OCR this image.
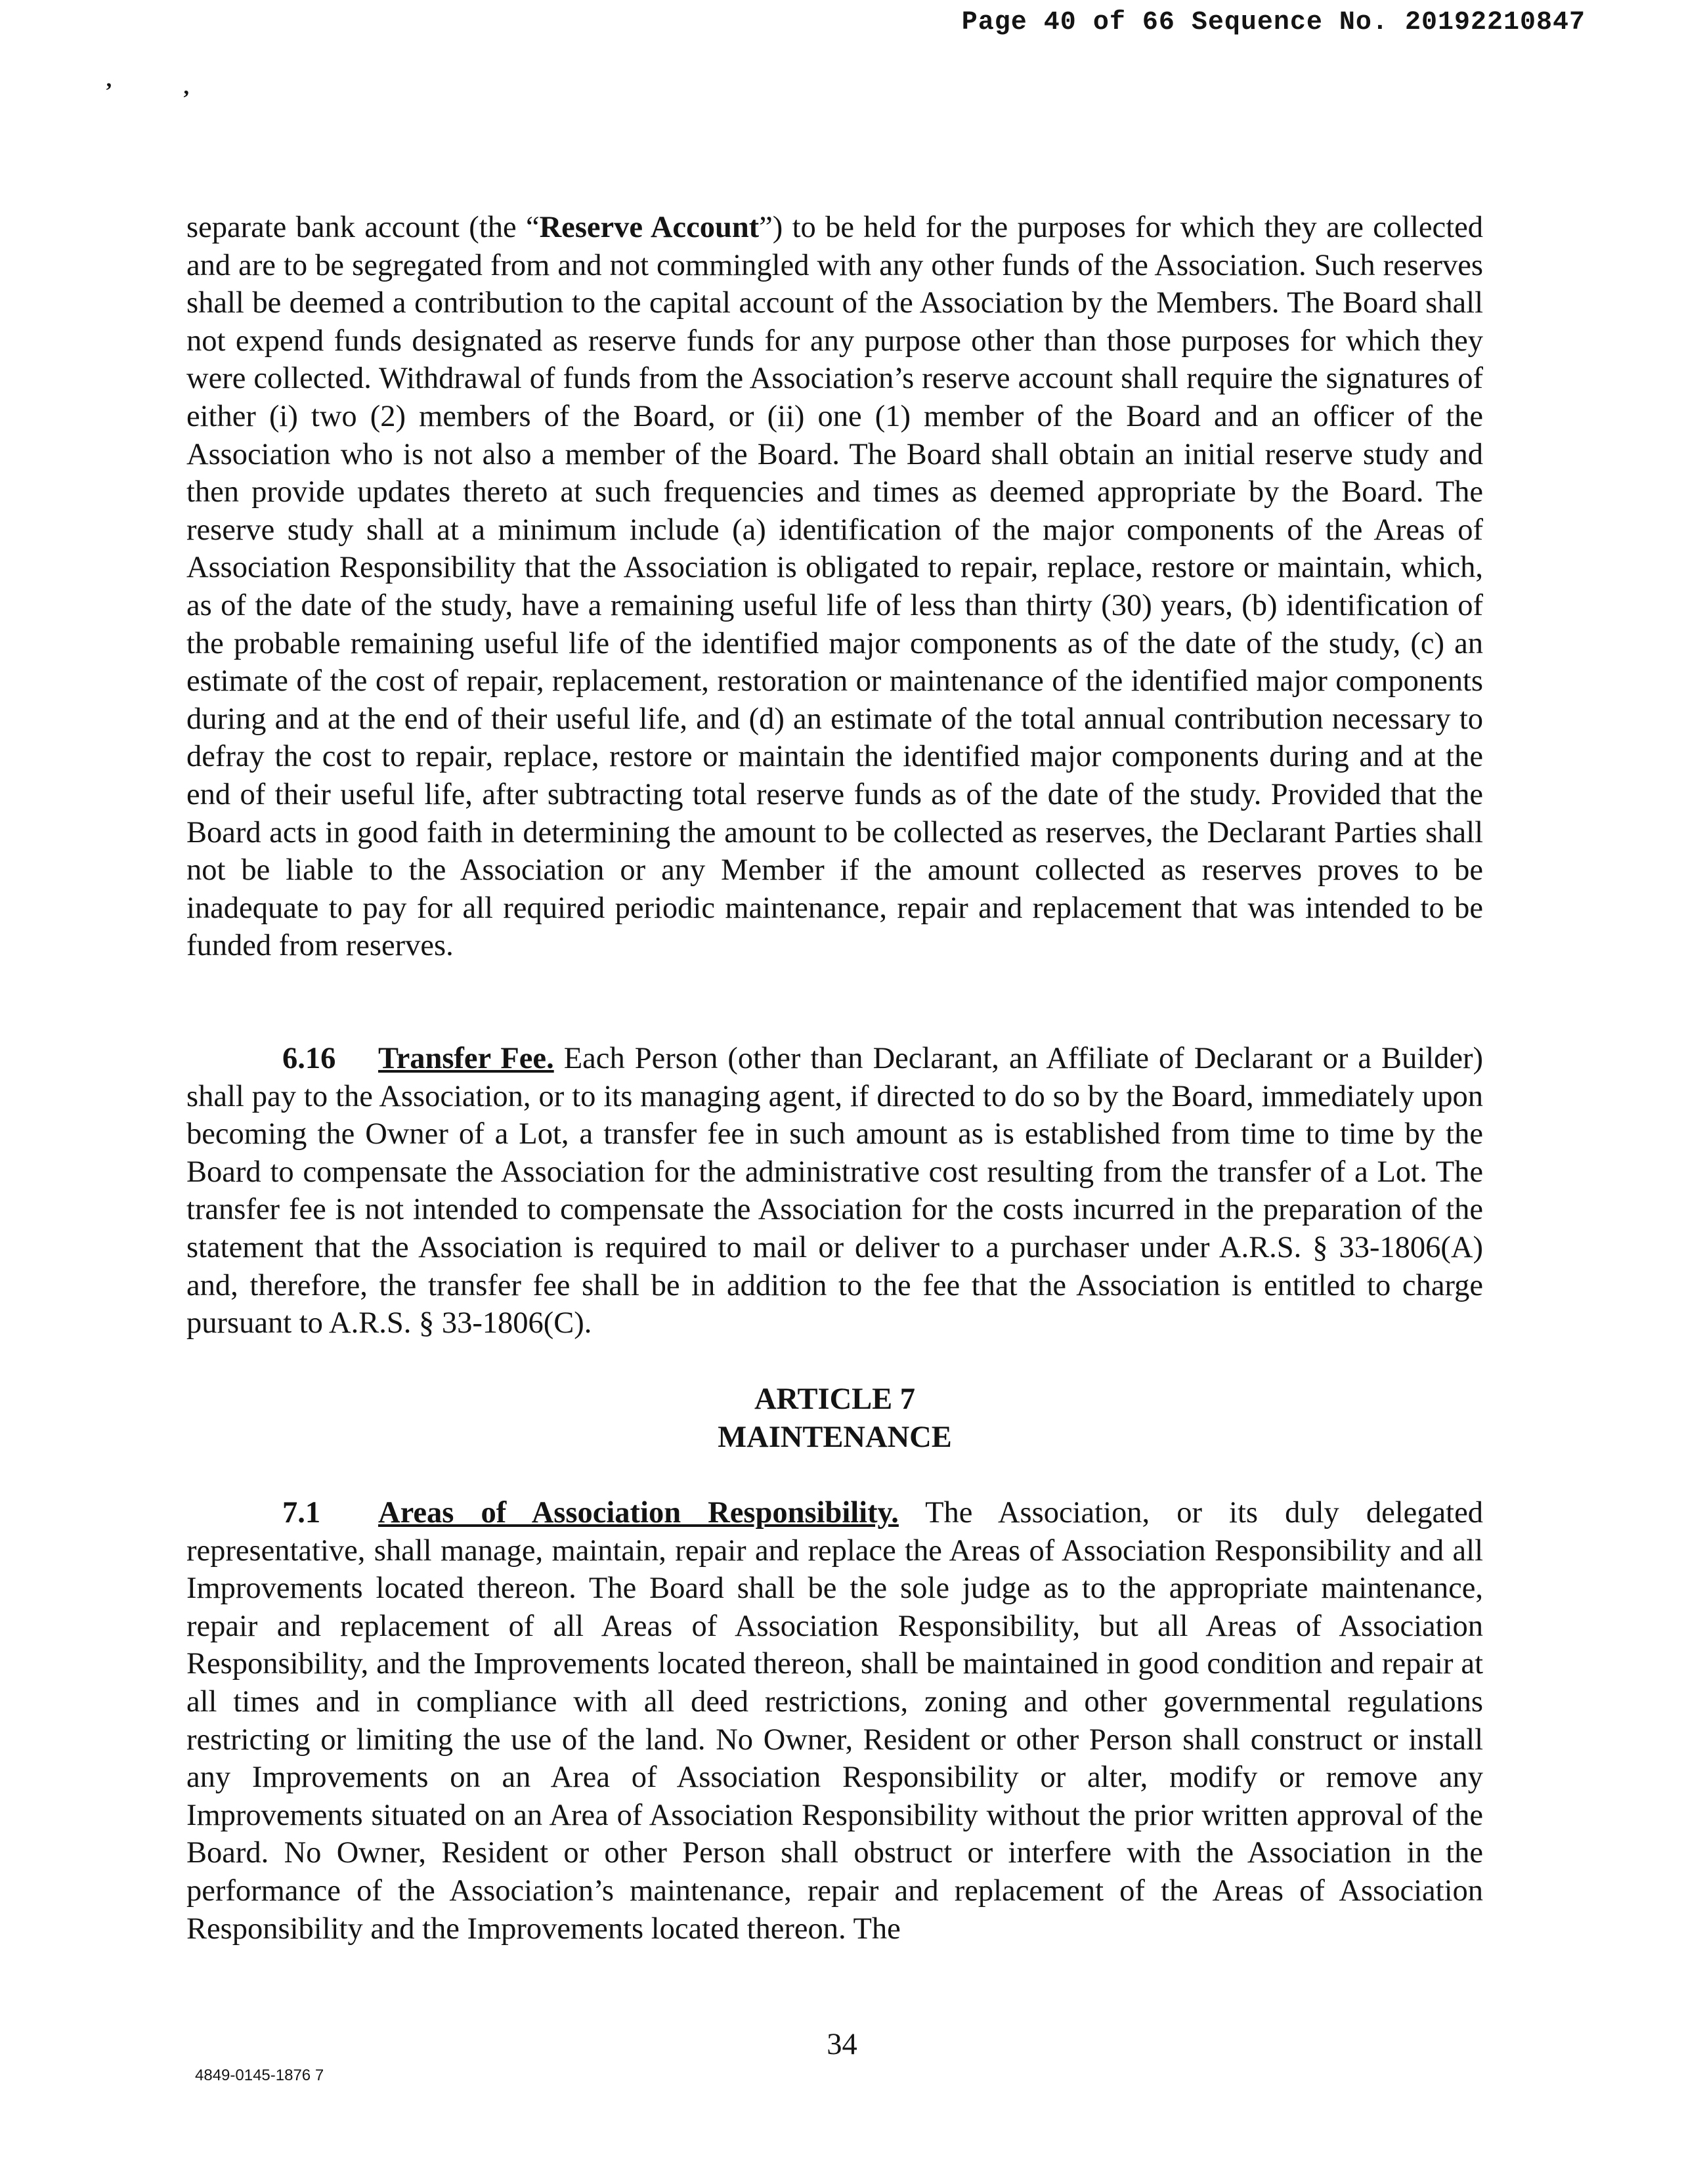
Page 40 of 66 Sequence No. 20192210847
’	‚

separate bank account (the “Reserve Account”) to be held for the purposes for which they are collected and are to be segregated from and not commingled with any other funds of the Association. Such reserves shall be deemed a contribution to the capital account of the Association by the Members. The Board shall not expend funds designated as reserve funds for any purpose other than those purposes for which they were collected. Withdrawal of funds from the Association’s reserve account shall require the signatures of either (i) two (2) members of the Board, or (ii) one (1) member of the Board and an officer of the Association who is not also a member of the Board. The Board shall obtain an initial reserve study and then provide updates thereto at such frequencies and times as deemed appropriate by the Board. The reserve study shall at a minimum include (a) identification of the major components of the Areas of Association Responsibility that the Association is obligated to repair, replace, restore or maintain, which, as of the date of the study, have a remaining useful life of less than thirty (30) years, (b) identification of the probable remaining useful life of the identified major components as of the date of the study, (c) an estimate of the cost of repair, replacement, restoration or maintenance of the identified major components during and at the end of their useful life, and (d) an estimate of the total annual contribution necessary to defray the cost to repair, replace, restore or maintain the identified major components during and at the end of their useful life, after subtracting total reserve funds as of the date of the study. Provided that the Board acts in good faith in determining the amount to be collected as reserves, the Declarant Parties shall not be liable to the Association or any Member if the amount collected as reserves proves to be inadequate to pay for all required periodic maintenance, repair and replacement that was intended to be funded from reserves.

6.16 Transfer Fee. Each Person (other than Declarant, an Affiliate of Declarant or a Builder) shall pay to the Association, or to its managing agent, if directed to do so by the Board, immediately upon becoming the Owner of a Lot, a transfer fee in such amount as is established from time to time by the Board to compensate the Association for the administrative cost resulting from the transfer of a Lot. The transfer fee is not intended to compensate the Association for the costs incurred in the preparation of the statement that the Association is required to mail or deliver to a purchaser under A.R.S. § 33-1806(A) and, therefore, the transfer fee shall be in addition to the fee that the Association is entitled to charge pursuant to A.R.S. § 33-1806(C).

ARTICLE 7
MAINTENANCE

7.1 Areas of Association Responsibility. The Association, or its duly delegated representative, shall manage, maintain, repair and replace the Areas of Association Responsibility and all Improvements located thereon. The Board shall be the sole judge as to the appropriate maintenance, repair and replacement of all Areas of Association Responsibility, but all Areas of Association Responsibility, and the Improvements located thereon, shall be maintained in good condition and repair at all times and in compliance with all deed restrictions, zoning and other governmental regulations restricting or limiting the use of the land. No Owner, Resident or other Person shall construct or install any Improvements on an Area of Association Responsibility or alter, modify or remove any Improvements situated on an Area of Association Responsibility without the prior written approval of the Board. No Owner, Resident or other Person shall obstruct or interfere with the Association in the performance of the Association’s maintenance, repair and replacement of the Areas of Association Responsibility and the Improvements located thereon. The

34
4849-0145-1876 7
